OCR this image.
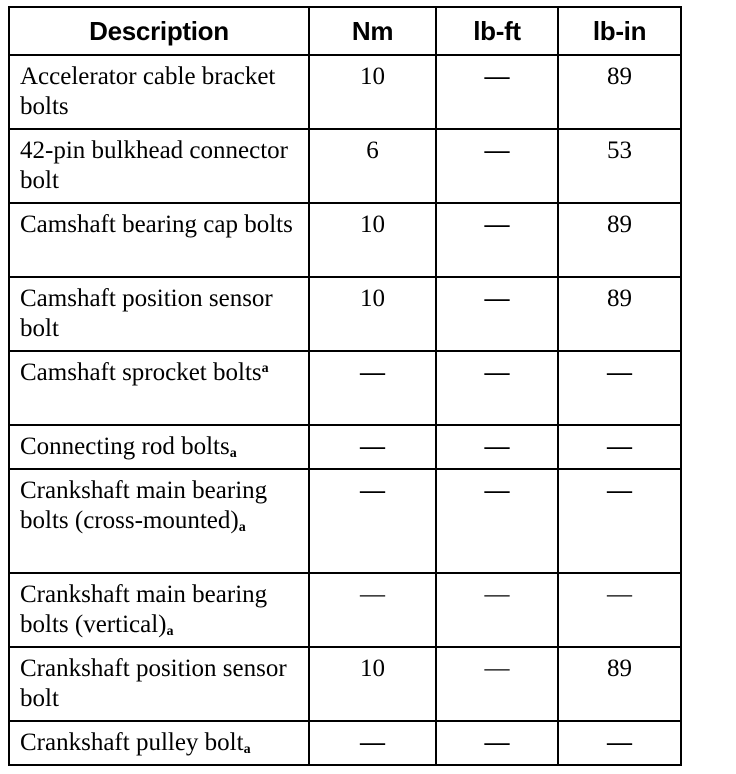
Description	Nm	lb-ft	lb-in
Accelerator cable bracket bolts	10	—	89
42-pin bulkhead connector bolt	6	—	53
Camshaft bearing cap bolts	10	—	89
Camshaft position sensor bolt	10	—	89
Camshaft sprocket bolts$^a$	—	—	—
Connecting rod bolts$_a$	—	—	—
Crankshaft main bearing bolts $(cross-mounted)_a$	—	—	—
Crankshaft main bearing bolts $(vertical)_a$	—	—	—
Crankshaft position sensor bolt	10	—	89
Crankshaft pulley bolt$_a$	—	—	—
